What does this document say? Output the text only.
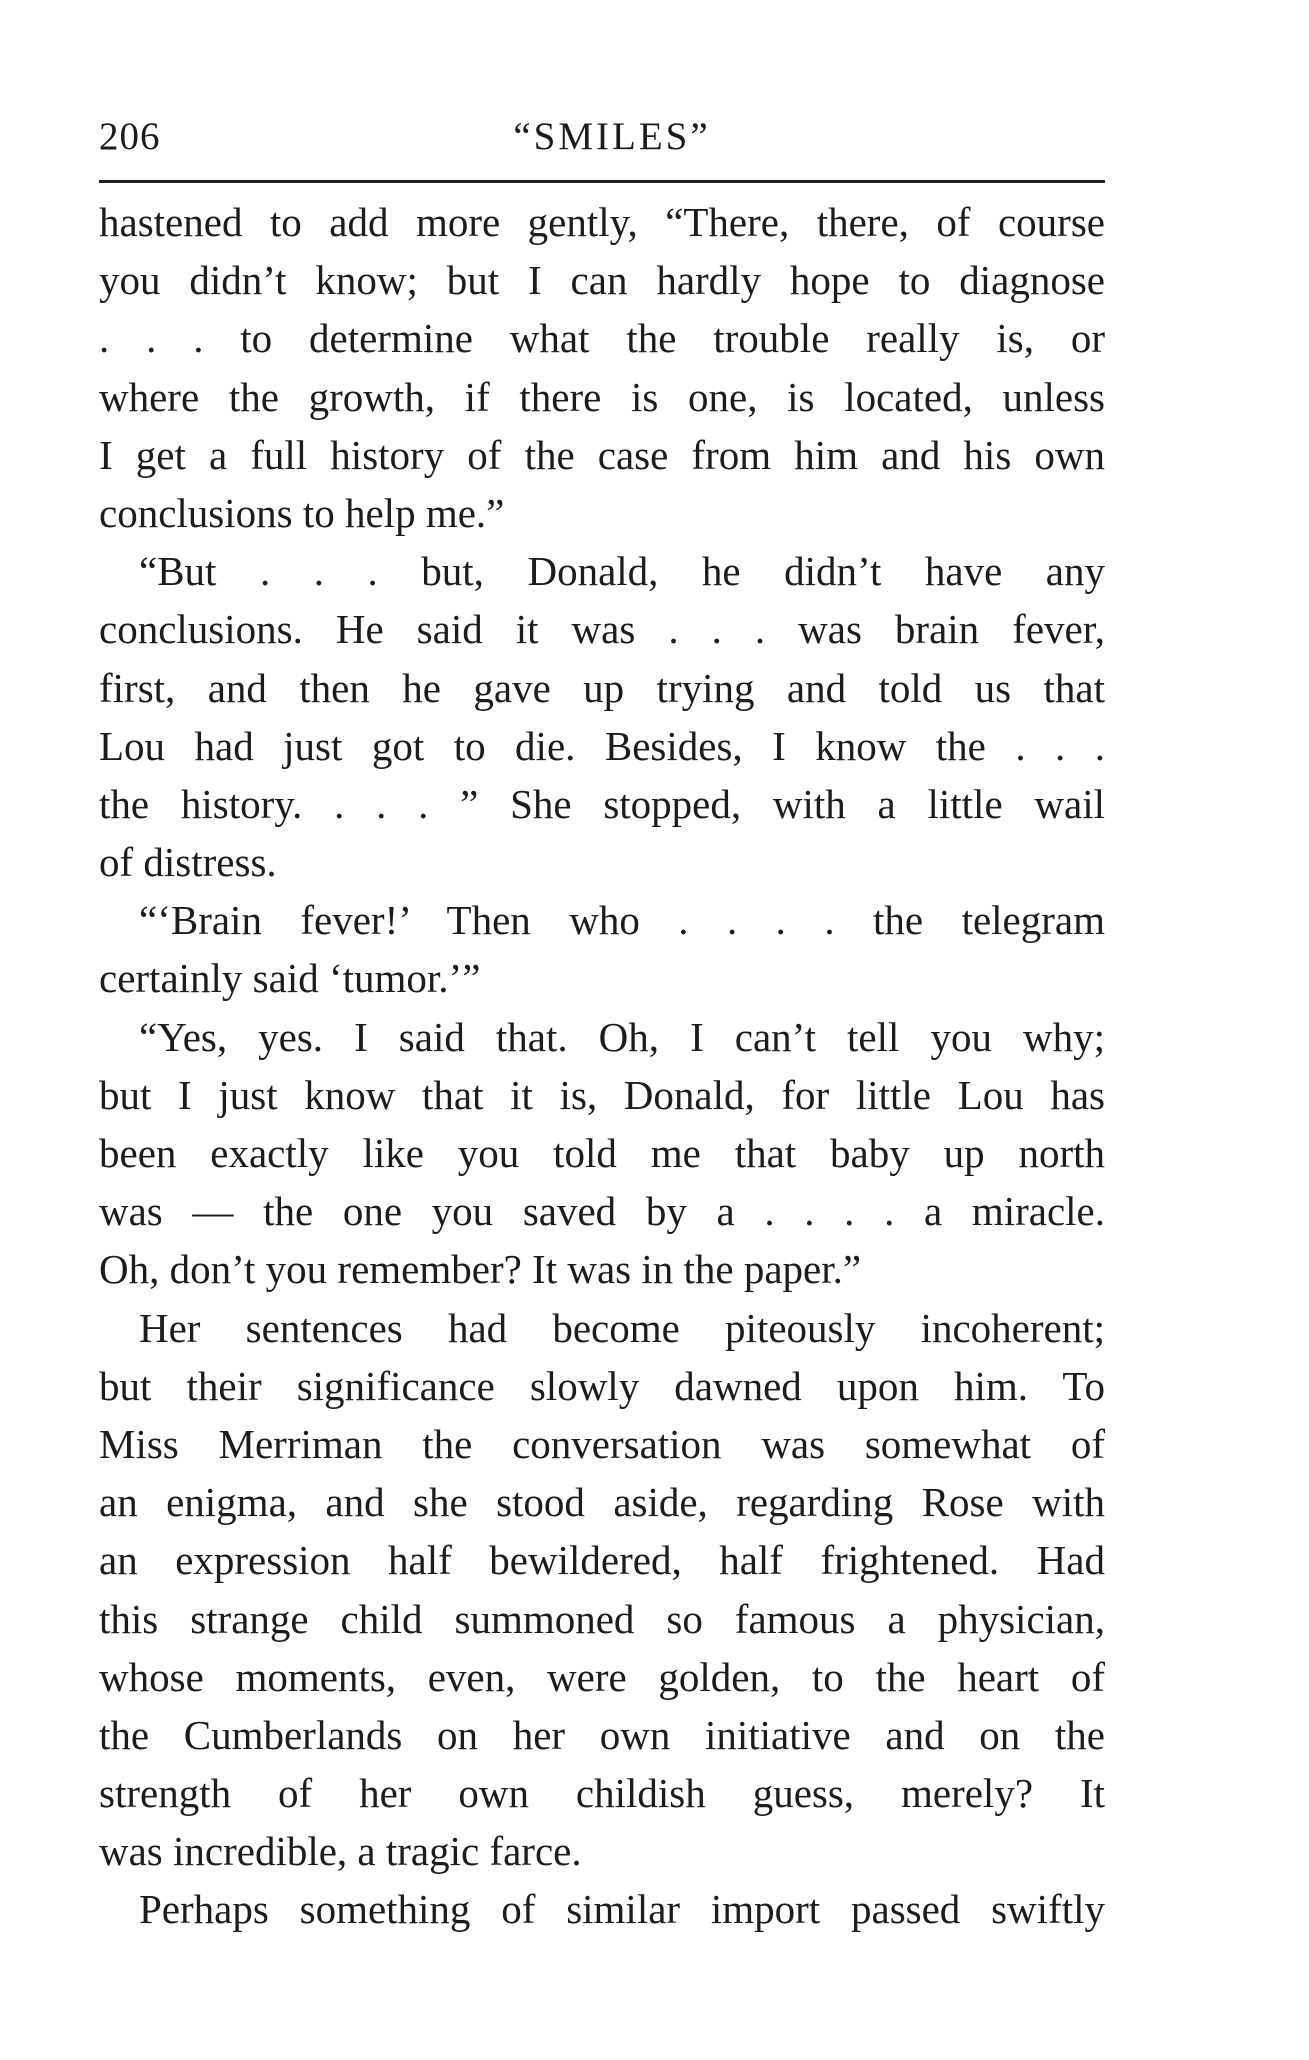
206	“SMILES”
hastened to add more gently, “There, there, of course
you didn’t know; but I can hardly hope to diagnose
. . . to determine what the trouble really is, or
where the growth, if there is one, is located, unless
I get a full history of the case from him and his own
conclusions to help me.”
“But . . . but, Donald, he didn’t have any
conclusions. He said it was . . . was brain fever,
first, and then he gave up trying and told us that
Lou had just got to die. Besides, I know the . . .
the history. . . . ” She stopped, with a little wail
of distress.
“‘Brain fever!’ Then who . . . . the telegram
certainly said ‘tumor.’”
“Yes, yes. I said that. Oh, I can’t tell you why;
but I just know that it is, Donald, for little Lou has
been exactly like you told me that baby up north
was — the one you saved by a . . . . a miracle.
Oh, don’t you remember? It was in the paper.”
Her sentences had become piteously incoherent;
but their significance slowly dawned upon him. To
Miss Merriman the conversation was somewhat of
an enigma, and she stood aside, regarding Rose with
an expression half bewildered, half frightened. Had
this strange child summoned so famous a physician,
whose moments, even, were golden, to the heart of
the Cumberlands on her own initiative and on the
strength of her own childish guess, merely? It
was incredible, a tragic farce.
Perhaps something of similar import passed swiftly
